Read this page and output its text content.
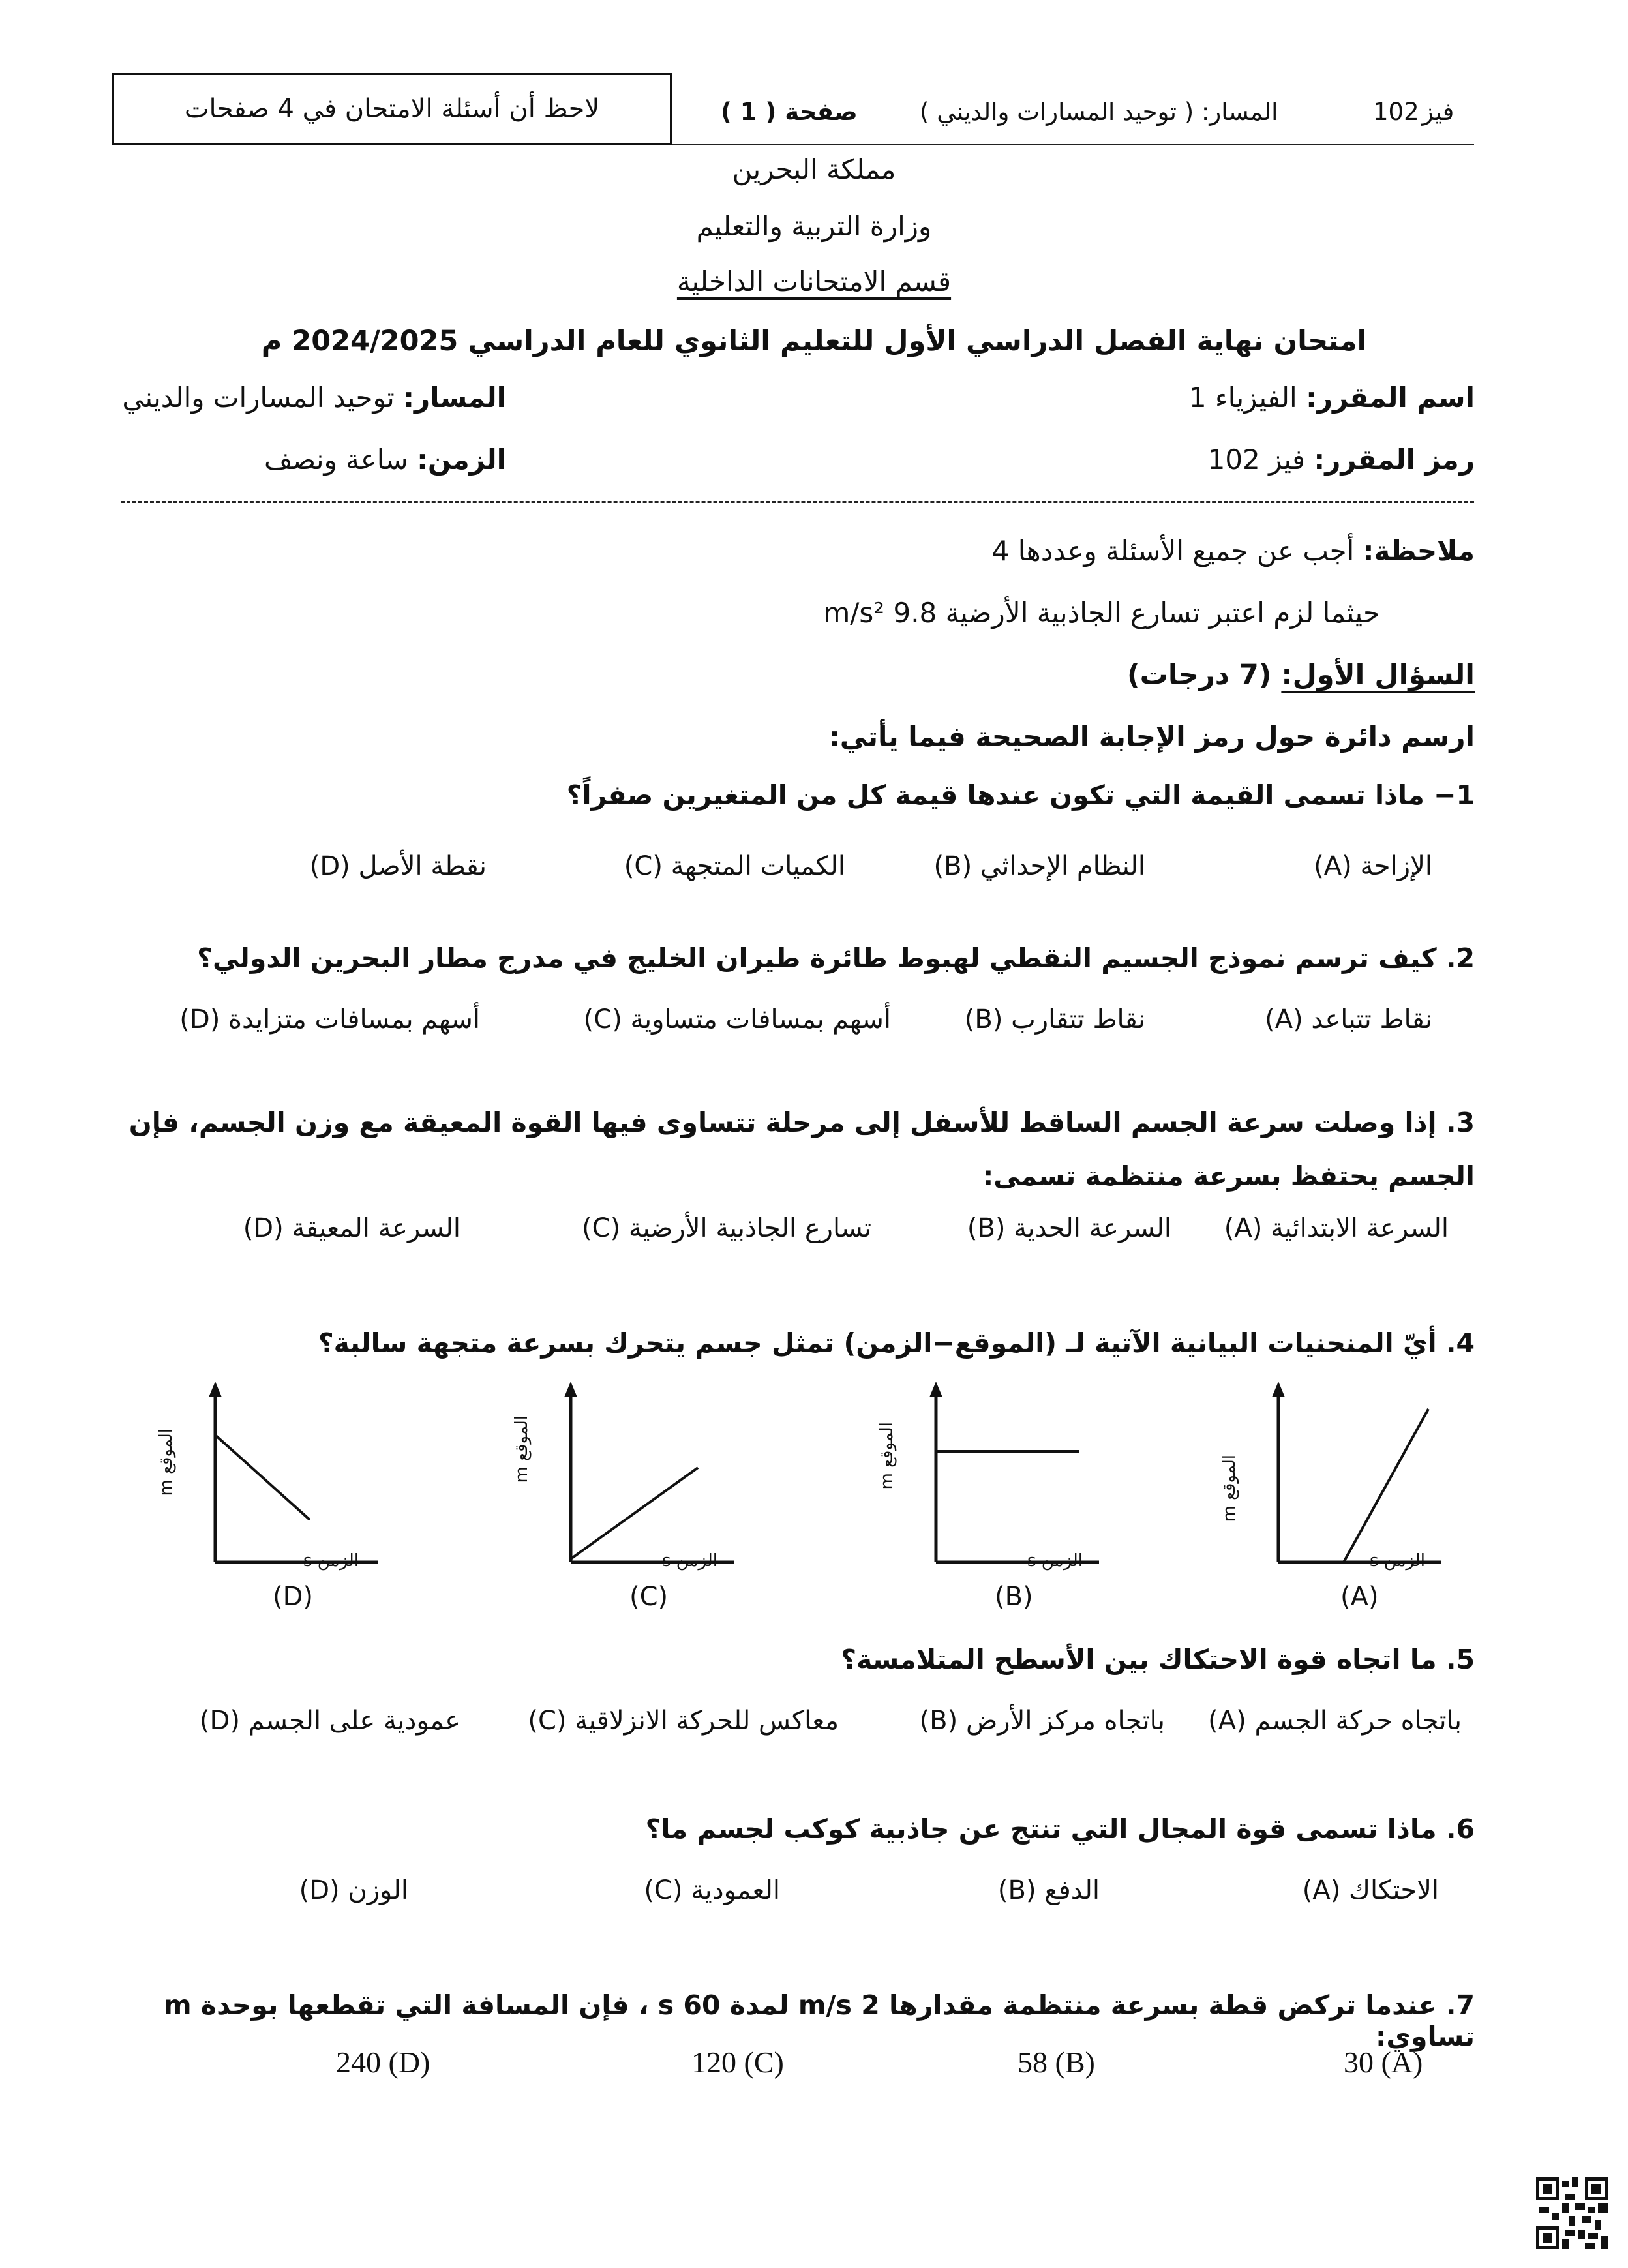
102 فيز
المسار: ( توحيد المسارات والديني )
صفحة ( 1 )
لاحظ أن أسئلة الامتحان في 4 صفحات
مملكة البحرين
وزارة التربية والتعليم
قسم الامتحانات الداخلية
امتحان نهاية الفصل الدراسي الأول للتعليم الثانوي للعام الدراسي 2024/2025 م
اسم المقرر: الفيزياء 1
المسار: توحيد المسارات والديني
رمز المقرر: فيز 102
الزمن: ساعة ونصف
ملاحظة: أجب عن جميع الأسئلة وعددها 4
حيثما لزم اعتبر تسارع الجاذبية الأرضية 9.8 m/s²
السؤال الأول: (7 درجات)
ارسم دائرة حول رمز الإجابة الصحيحة فيما يأتي:
1− ماذا تسمى القيمة التي تكون عندها قيمة كل من المتغيرين صفراً؟
(A) الإزاحة
(B) النظام الإحداثي
(C) الكميات المتجهة
(D) نقطة الأصل
2. كيف ترسم نموذج الجسيم النقطي لهبوط طائرة طيران الخليج في مدرج مطار البحرين الدولي؟
(A) نقاط تتباعد
(B) نقاط تتقارب
(C) أسهم بمسافات متساوية
(D) أسهم بمسافات متزايدة
3. إذا وصلت سرعة الجسم الساقط للأسفل إلى مرحلة تتساوى فيها القوة المعيقة مع وزن الجسم، فإن الجسم يحتفظ بسرعة منتظمة تسمى:
(A) السرعة الابتدائية
(B) السرعة الحدية
(C) تسارع الجاذبية الأرضية
(D) السرعة المعيقة
4. أيّ المنحنيات البيانية الآتية لـ (الموقع−الزمن) تمثل جسم يتحرك بسرعة متجهة سالبة؟
الموقع m
الزمن s
(A)
الموقع m
الزمن s
(B)
الموقع m
الزمن s
(C)
الموقع m
الزمن s
(D)
5. ما اتجاه قوة الاحتكاك بين الأسطح المتلامسة؟
(A) باتجاه حركة الجسم
(B) باتجاه مركز الأرض
(C) معاكس للحركة الانزلاقية
(D) عمودية على الجسم
6. ماذا تسمى قوة المجال التي تنتج عن جاذبية كوكب لجسم ما؟
(A) الاحتكاك
(B) الدفع
(C) العمودية
(D) الوزن
7. عندما تركض قطة بسرعة منتظمة مقدارها 2 m/s لمدة 60 s ، فإن المسافة التي تقطعها بوحدة m تساوي:
30 (A)
58 (B)
120 (C)
240 (D)
